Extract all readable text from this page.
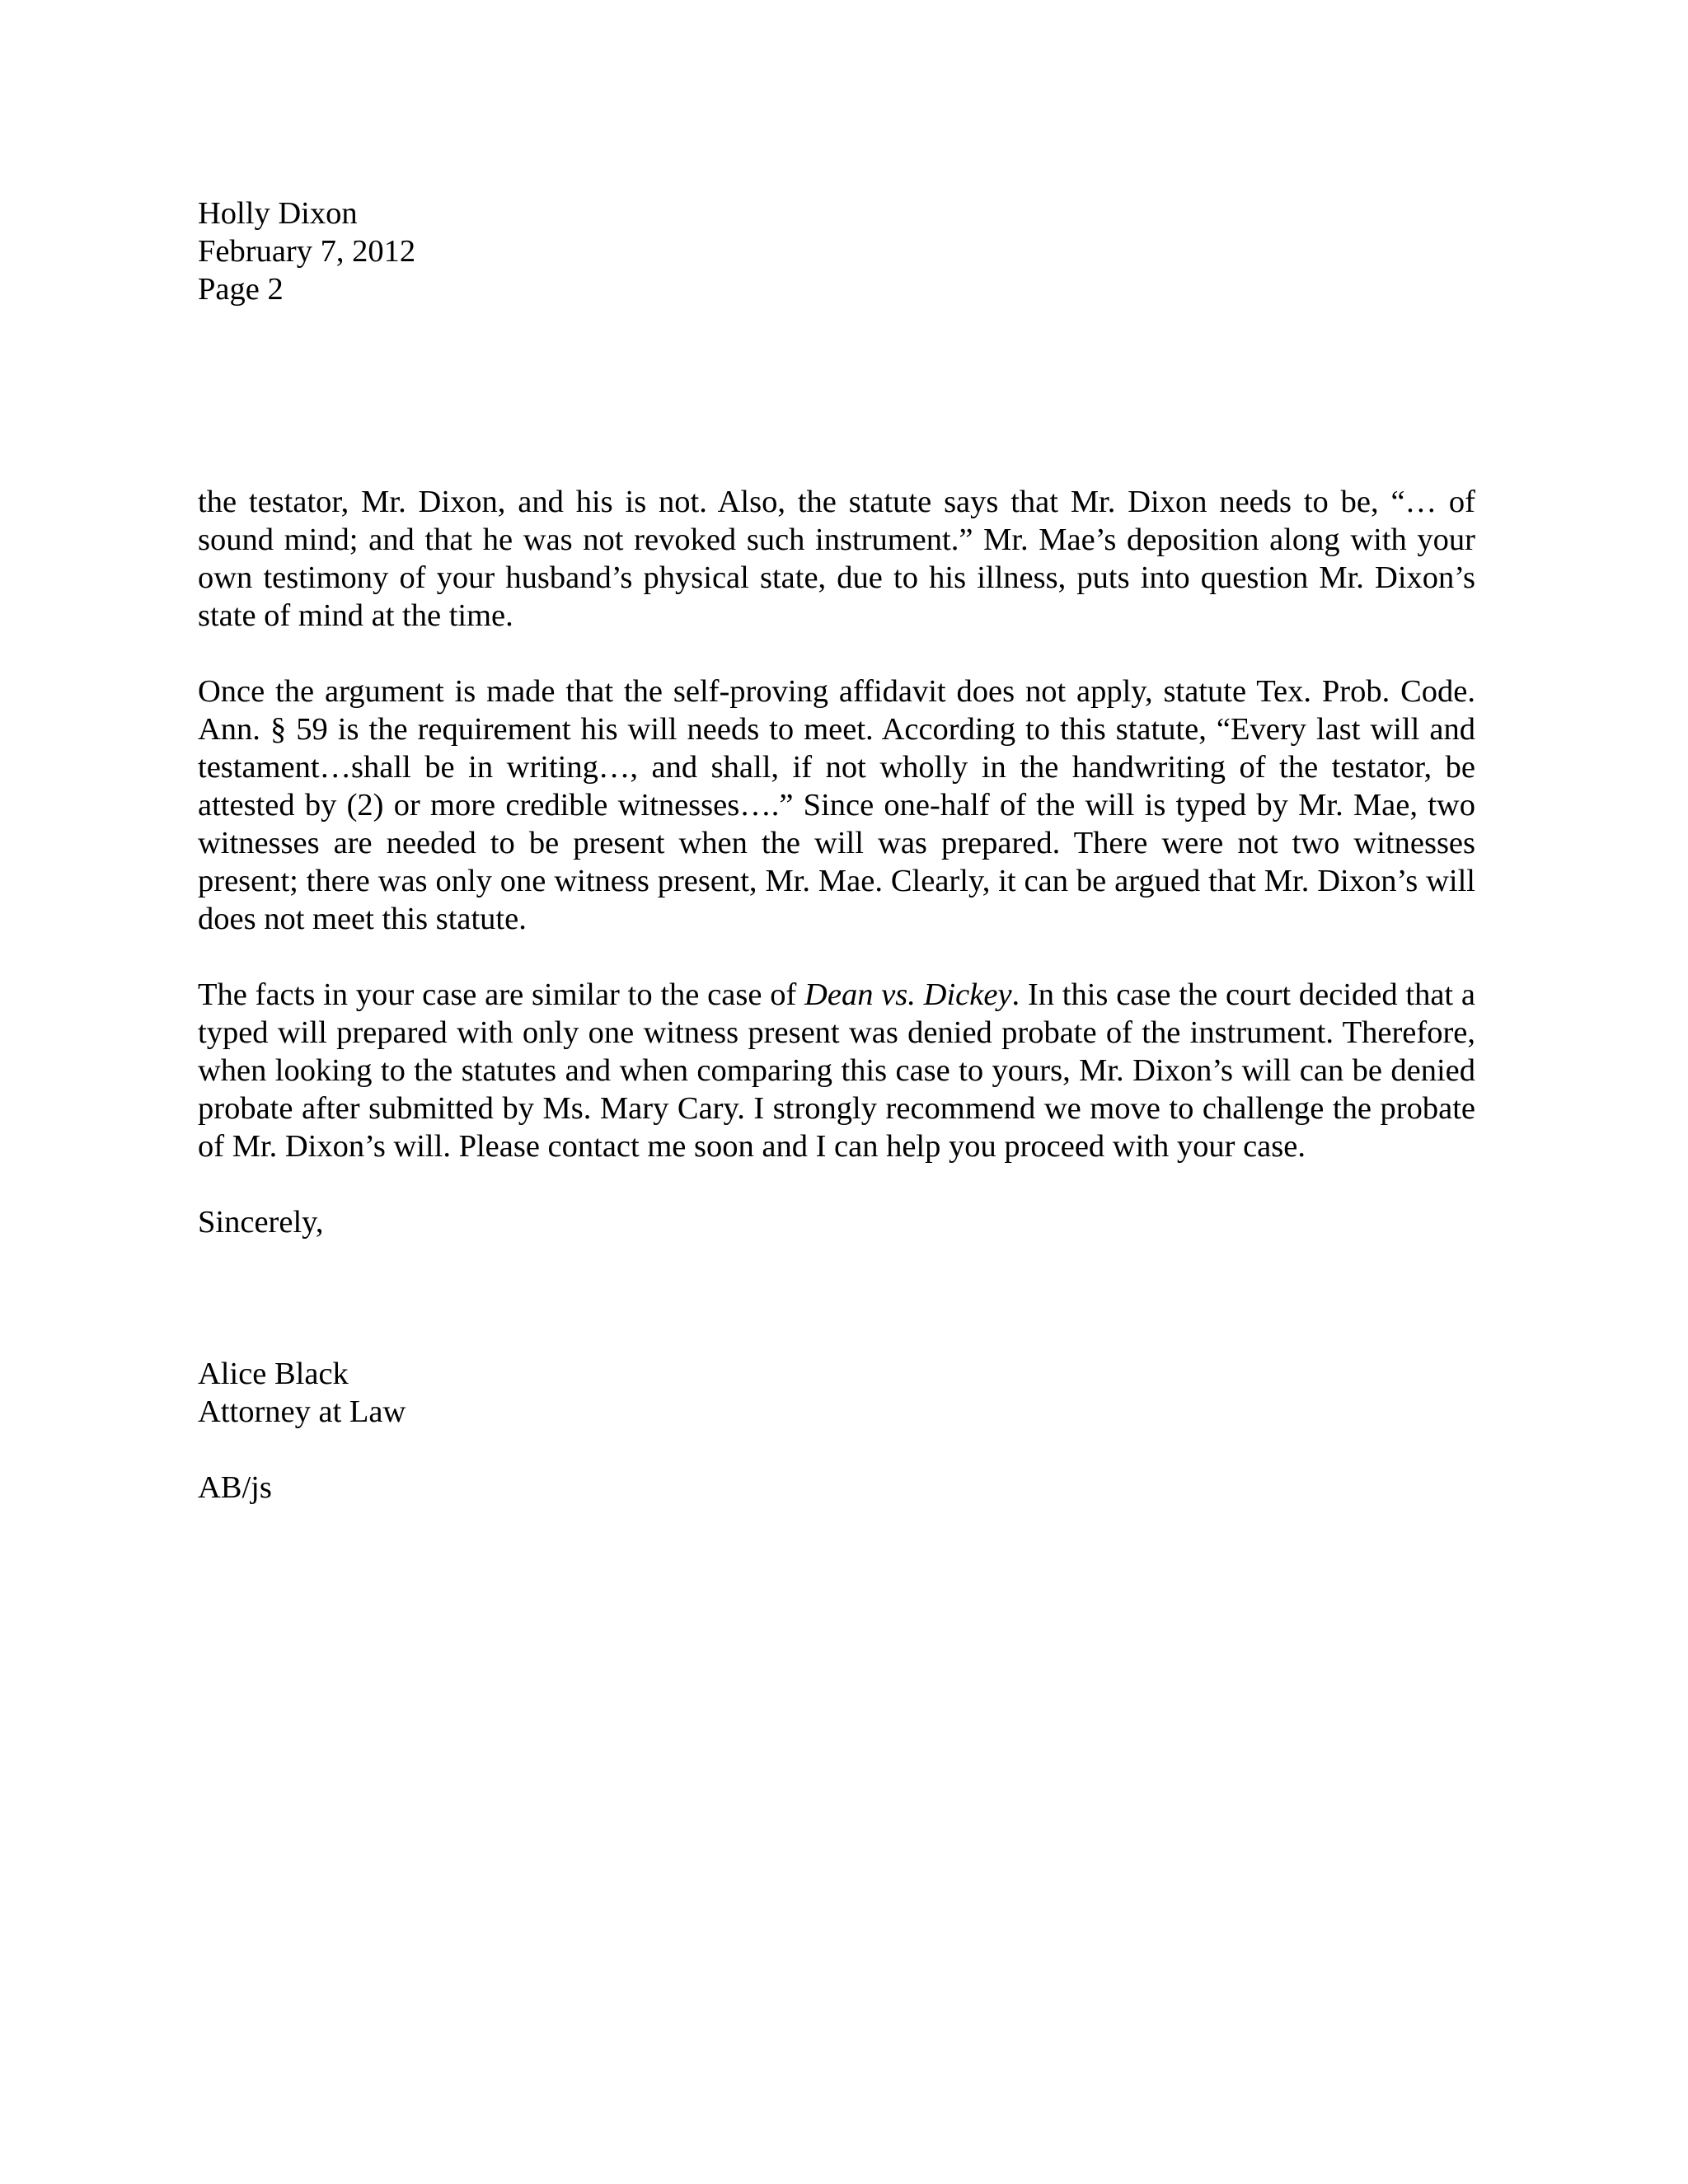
Holly Dixon
February 7, 2012
Page 2

the testator, Mr. Dixon, and his is not. Also, the statute says that Mr. Dixon needs to be, “… of sound mind; and that he was not revoked such instrument.” Mr. Mae’s deposition along with your own testimony of your husband’s physical state, due to his illness, puts into question Mr. Dixon’s state of mind at the time.

Once the argument is made that the self-proving affidavit does not apply, statute Tex. Prob. Code. Ann. § 59 is the requirement his will needs to meet. According to this statute, “Every last will and testament…shall be in writing…, and shall, if not wholly in the handwriting of the testator, be attested by (2) or more credible witnesses….” Since one-half of the will is typed by Mr. Mae, two witnesses are needed to be present when the will was prepared. There were not two witnesses present; there was only one witness present, Mr. Mae. Clearly, it can be argued that Mr. Dixon’s will does not meet this statute.

The facts in your case are similar to the case of Dean vs. Dickey. In this case the court decided that a typed will prepared with only one witness present was denied probate of the instrument. Therefore, when looking to the statutes and when comparing this case to yours, Mr. Dixon’s will can be denied probate after submitted by Ms. Mary Cary. I strongly recommend we move to challenge the probate of Mr. Dixon’s will. Please contact me soon and I can help you proceed with your case.

Sincerely,

Alice Black
Attorney at Law
AB/js
